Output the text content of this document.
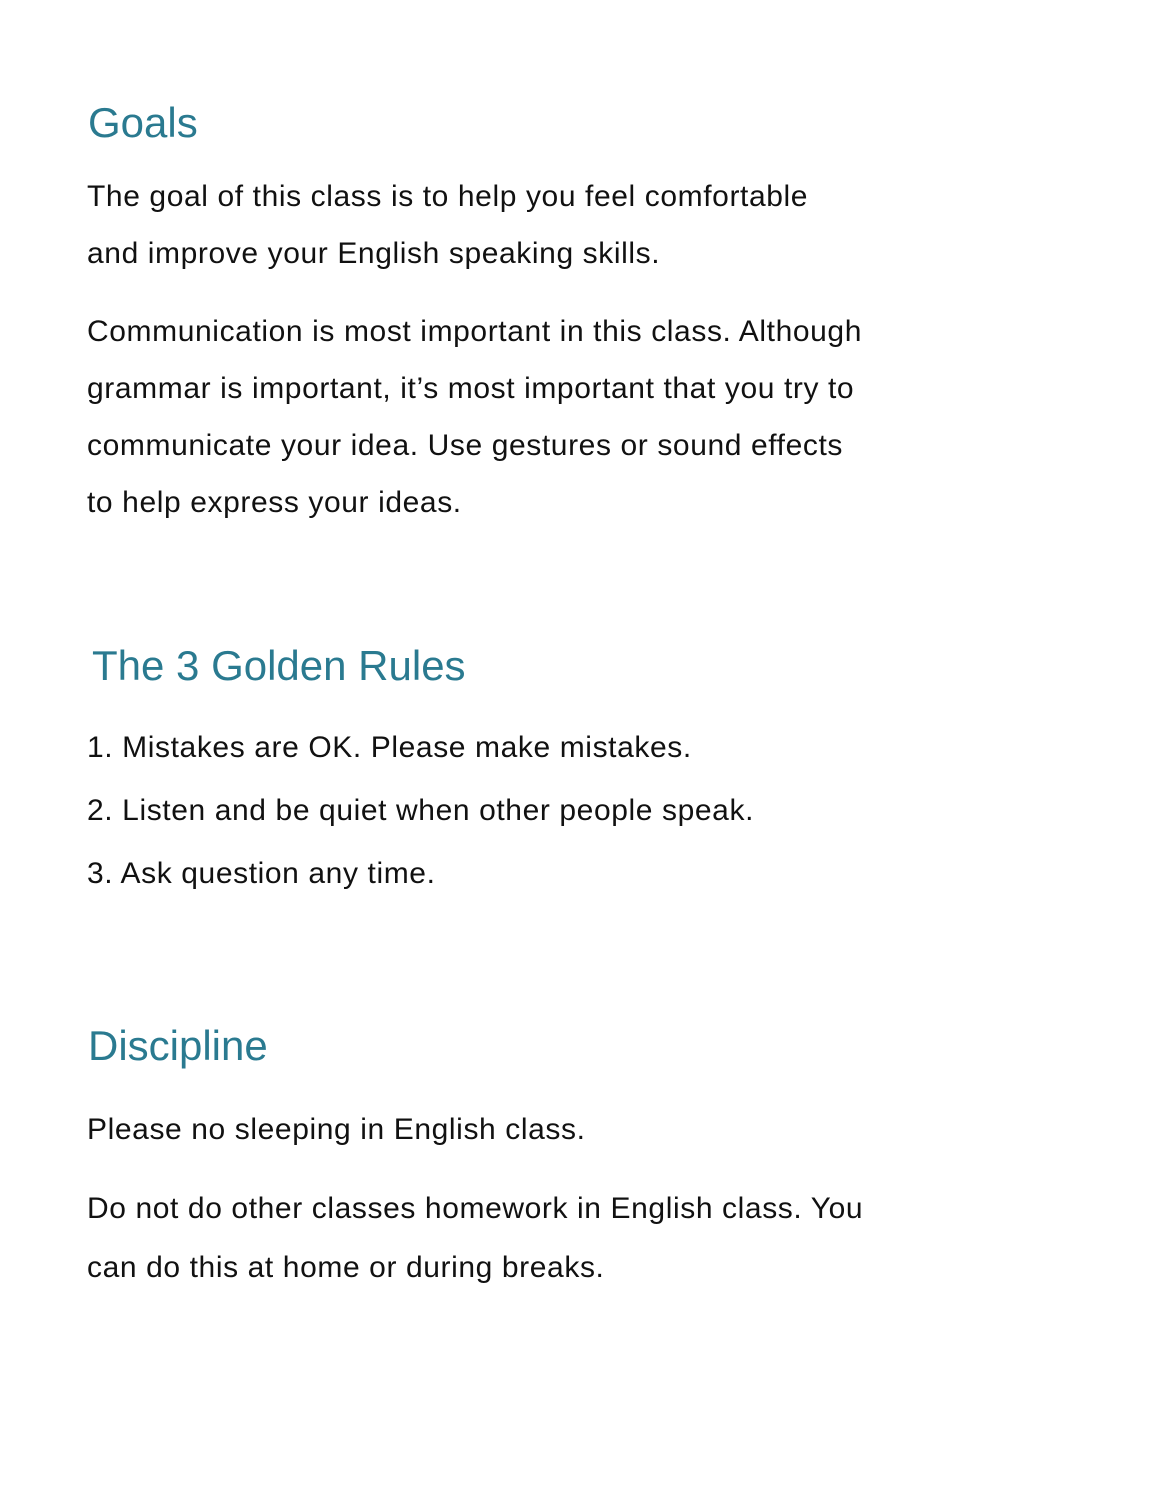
Goals

The goal of this class is to help you feel comfortable
and improve your English speaking skills.

Communication is most important in this class. Although
grammar is important, it’s most important that you try to
communicate your idea. Use gestures or sound effects
to help express your ideas.

The 3 Golden Rules
1. Mistakes are OK. Please make mistakes.
2. Listen and be quiet when other people speak.
3. Ask question any time.
Discipline

Please no sleeping in English class.

Do not do other classes homework in English class. You
can do this at home or during breaks.
